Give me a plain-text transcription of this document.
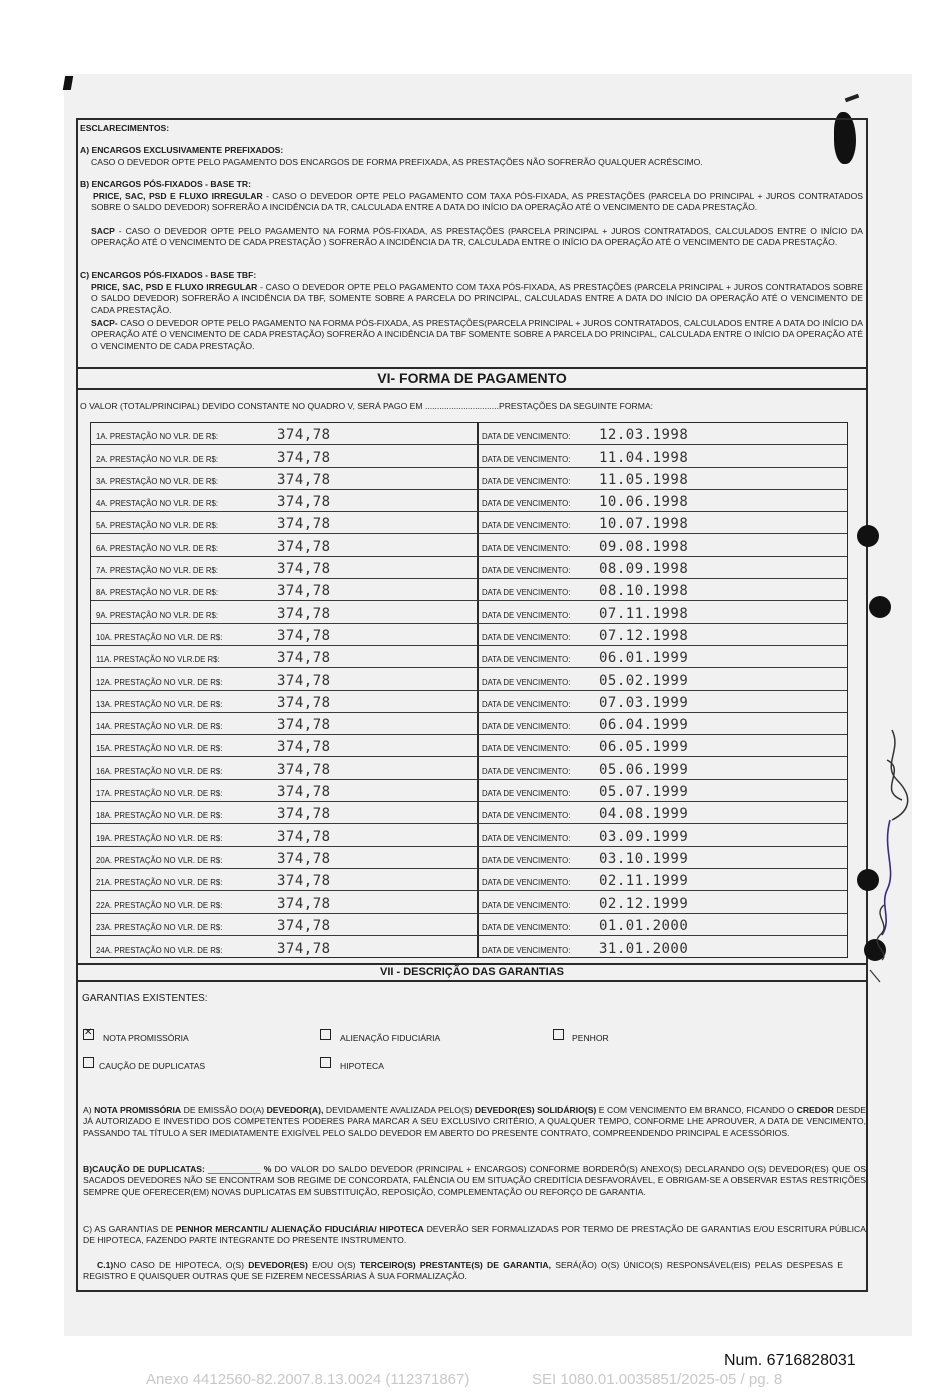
ESCLARECIMENTOS:
A) ENCARGOS EXCLUSIVAMENTE PREFIXADOS:
CASO O DEVEDOR OPTE PELO PAGAMENTO DOS ENCARGOS DE FORMA PREFIXADA, AS PRESTAÇÕES NÃO SOFRERÃO QUALQUER ACRÉSCIMO.
B) ENCARGOS PÓS-FIXADOS - BASE TR:
PRICE, SAC, PSD E FLUXO IRREGULAR - CASO O DEVEDOR OPTE PELO PAGAMENTO COM TAXA PÓS-FIXADA, AS PRESTAÇÕES (PARCELA DO PRINCIPAL + JUROS CONTRATADOS SOBRE O SALDO DEVEDOR) SOFRERÃO A INCIDÊNCIA DA TR, CALCULADA ENTRE A DATA DO INÍCIO DA OPERAÇÃO ATÉ O VENCIMENTO DE CADA PRESTAÇÃO.
SACP - CASO O DEVEDOR OPTE PELO PAGAMENTO NA FORMA PÓS-FIXADA, AS PRESTAÇÕES (PARCELA PRINCIPAL + JUROS CONTRATADOS, CALCULADOS ENTRE O INÍCIO DA OPERAÇÃO ATÉ O VENCIMENTO DE CADA PRESTAÇÃO ) SOFRERÃO A INCIDÊNCIA DA TR, CALCULADA ENTRE O INÍCIO DA OPERAÇÃO ATÉ O VENCIMENTO DE CADA PRESTAÇÃO.
C) ENCARGOS PÓS-FIXADOS - BASE TBF:
PRICE, SAC, PSD E FLUXO IRREGULAR - CASO O DEVEDOR OPTE PELO PAGAMENTO COM TAXA PÓS-FIXADA, AS PRESTAÇÕES (PARCELA PRINCIPAL + JUROS CONTRATADOS SOBRE O SALDO DEVEDOR) SOFRERÃO A INCIDÊNCIA DA TBF, SOMENTE SOBRE A PARCELA DO PRINCIPAL, CALCULADAS ENTRE A DATA DO INÍCIO DA OPERAÇÃO ATÉ O VENCIMENTO DE CADA PRESTAÇÃO.
SACP- CASO O DEVEDOR OPTE PELO PAGAMENTO NA FORMA PÓS-FIXADA, AS PRESTAÇÕES(PARCELA PRINCIPAL + JUROS CONTRATADOS, CALCULADOS ENTRE A DATA DO INÍCIO DA OPERAÇÃO ATÉ O VENCIMENTO DE CADA PRESTAÇÃO) SOFRERÃO A INCIDÊNCIA DA TBF SOMENTE SOBRE A PARCELA DO PRINCIPAL, CALCULADA ENTRE O INÍCIO DA OPERAÇÃO ATÉ O VENCIMENTO DE CADA PRESTAÇÃO.
VI- FORMA DE PAGAMENTO
O VALOR (TOTAL/PRINCIPAL) DEVIDO CONSTANTE NO QUADRO V, SERÁ PAGO EM ...............................PRESTAÇÕES DA SEGUINTE FORMA:
1A. PRESTAÇÃO NO VLR. DE R$:	374,78	DATA DE VENCIMENTO: 12.03.1998
2A. PRESTAÇÃO NO VLR. DE R$:	374,78	DATA DE VENCIMENTO: 11.04.1998
3A. PRESTAÇÃO NO VLR. DE R$:	374,78	DATA DE VENCIMENTO: 11.05.1998
4A. PRESTAÇÃO NO VLR. DE R$:	374,78	DATA DE VENCIMENTO: 10.06.1998
5A. PRESTAÇÃO NO VLR. DE R$:	374,78	DATA DE VENCIMENTO: 10.07.1998
6A. PRESTAÇÃO NO VLR. DE R$:	374,78	DATA DE VENCIMENTO: 09.08.1998
7A. PRESTAÇÃO NO VLR. DE R$:	374,78	DATA DE VENCIMENTO: 08.09.1998
8A. PRESTAÇÃO NO VLR. DE R$:	374,78	DATA DE VENCIMENTO: 08.10.1998
9A. PRESTAÇÃO NO VLR. DE R$:	374,78	DATA DE VENCIMENTO: 07.11.1998
10A. PRESTAÇÃO NO VLR. DE R$:	374,78	DATA DE VENCIMENTO: 07.12.1998
11A. PRESTAÇÃO NO VLR.DE R$:	374,78	DATA DE VENCIMENTO: 06.01.1999
12A. PRESTAÇÃO NO VLR. DE R$:	374,78	DATA DE VENCIMENTO: 05.02.1999
13A. PRESTAÇÃO NO VLR. DE R$:	374,78	DATA DE VENCIMENTO: 07.03.1999
14A. PRESTAÇÃO NO VLR. DE R$:	374,78	DATA DE VENCIMENTO: 06.04.1999
15A. PRESTAÇÃO NO VLR. DE R$:	374,78	DATA DE VENCIMENTO: 06.05.1999
16A. PRESTAÇÃO NO VLR. DE R$:	374,78	DATA DE VENCIMENTO: 05.06.1999
17A. PRESTAÇÃO NO VLR. DE R$:	374,78	DATA DE VENCIMENTO: 05.07.1999
18A. PRESTAÇÃO NO VLR. DE R$:	374,78	DATA DE VENCIMENTO: 04.08.1999
19A. PRESTAÇÃO NO VLR. DE R$:	374,78	DATA DE VENCIMENTO: 03.09.1999
20A. PRESTAÇÃO NO VLR. DE R$:	374,78	DATA DE VENCIMENTO: 03.10.1999
21A. PRESTAÇÃO NO VLR. DE R$:	374,78	DATA DE VENCIMENTO: 02.11.1999
22A. PRESTAÇÃO NO VLR. DE R$:	374,78	DATA DE VENCIMENTO: 02.12.1999
23A. PRESTAÇÃO NO VLR. DE R$:	374,78	DATA DE VENCIMENTO: 01.01.2000
24A. PRESTAÇÃO NO VLR. DE R$:	374,78	DATA DE VENCIMENTO: 31.01.2000
VII - DESCRIÇÃO DAS GARANTIAS
GARANTIAS EXISTENTES:
✕
NOTA PROMISSÓRIA	ALIENAÇÃO FIDUCIÁRIA	PENHOR
CAUÇÃO DE DUPLICATAS	HIPOTECA
A) NOTA PROMISSÓRIA DE EMISSÃO DO(A) DEVEDOR(A), DEVIDAMENTE AVALIZADA PELO(S) DEVEDOR(ES) SOLIDÁRIO(S) E COM VENCIMENTO EM BRANCO, FICANDO O CREDOR DESDE JÁ AUTORIZADO E INVESTIDO DOS COMPETENTES PODERES PARA MARCAR A SEU EXCLUSIVO CRITÉRIO, A QUALQUER TEMPO, CONFORME LHE APROUVER, A DATA DE VENCIMENTO, PASSANDO TAL TÍTULO A SER IMEDIATAMENTE EXIGÍVEL PELO SALDO DEVEDOR EM ABERTO DO PRESENTE CONTRATO, COMPREENDENDO PRINCIPAL E ACESSÓRIOS.
B)CAUÇÃO DE DUPLICATAS: ___________ % DO VALOR DO SALDO DEVEDOR (PRINCIPAL + ENCARGOS) CONFORME BORDERÔ(S) ANEXO(S) DECLARANDO O(S) DEVEDOR(ES) QUE OS SACADOS DEVEDORES NÃO SE ENCONTRAM SOB REGIME DE CONCORDATA, FALÊNCIA OU EM SITUAÇÃO CREDITÍCIA DESFAVORÁVEL, E OBRIGAM-SE A OBSERVAR ESTAS RESTRIÇÕES SEMPRE QUE OFERECER(EM) NOVAS DUPLICATAS EM SUBSTITUIÇÃO, REPOSIÇÃO, COMPLEMENTAÇÃO OU REFORÇO DE GARANTIA.
C) AS GARANTIAS DE PENHOR MERCANTIL/ ALIENAÇÃO FIDUCIÁRIA/ HIPOTECA DEVERÃO SER FORMALIZADAS POR TERMO DE PRESTAÇÃO DE GARANTIAS E/OU ESCRITURA PÚBLICA DE HIPOTECA, FAZENDO PARTE INTEGRANTE DO PRESENTE INSTRUMENTO.
C.1)NO CASO DE HIPOTECA, O(S) DEVEDOR(ES) E/OU O(S) TERCEIRO(S) PRESTANTE(S) DE GARANTIA, SERÁ(ÃO) O(S) ÚNICO(S) RESPONSÁVEL(EIS) PELAS DESPESAS E REGISTRO E QUAISQUER OUTRAS QUE SE FIZEREM NECESSÁRIAS À SUA FORMALIZAÇÃO.
Num. 6716828031
Anexo 4412560-82.2007.8.13.0024 (112371867)	SEI 1080.01.0035851/2025-05 / pg. 8
